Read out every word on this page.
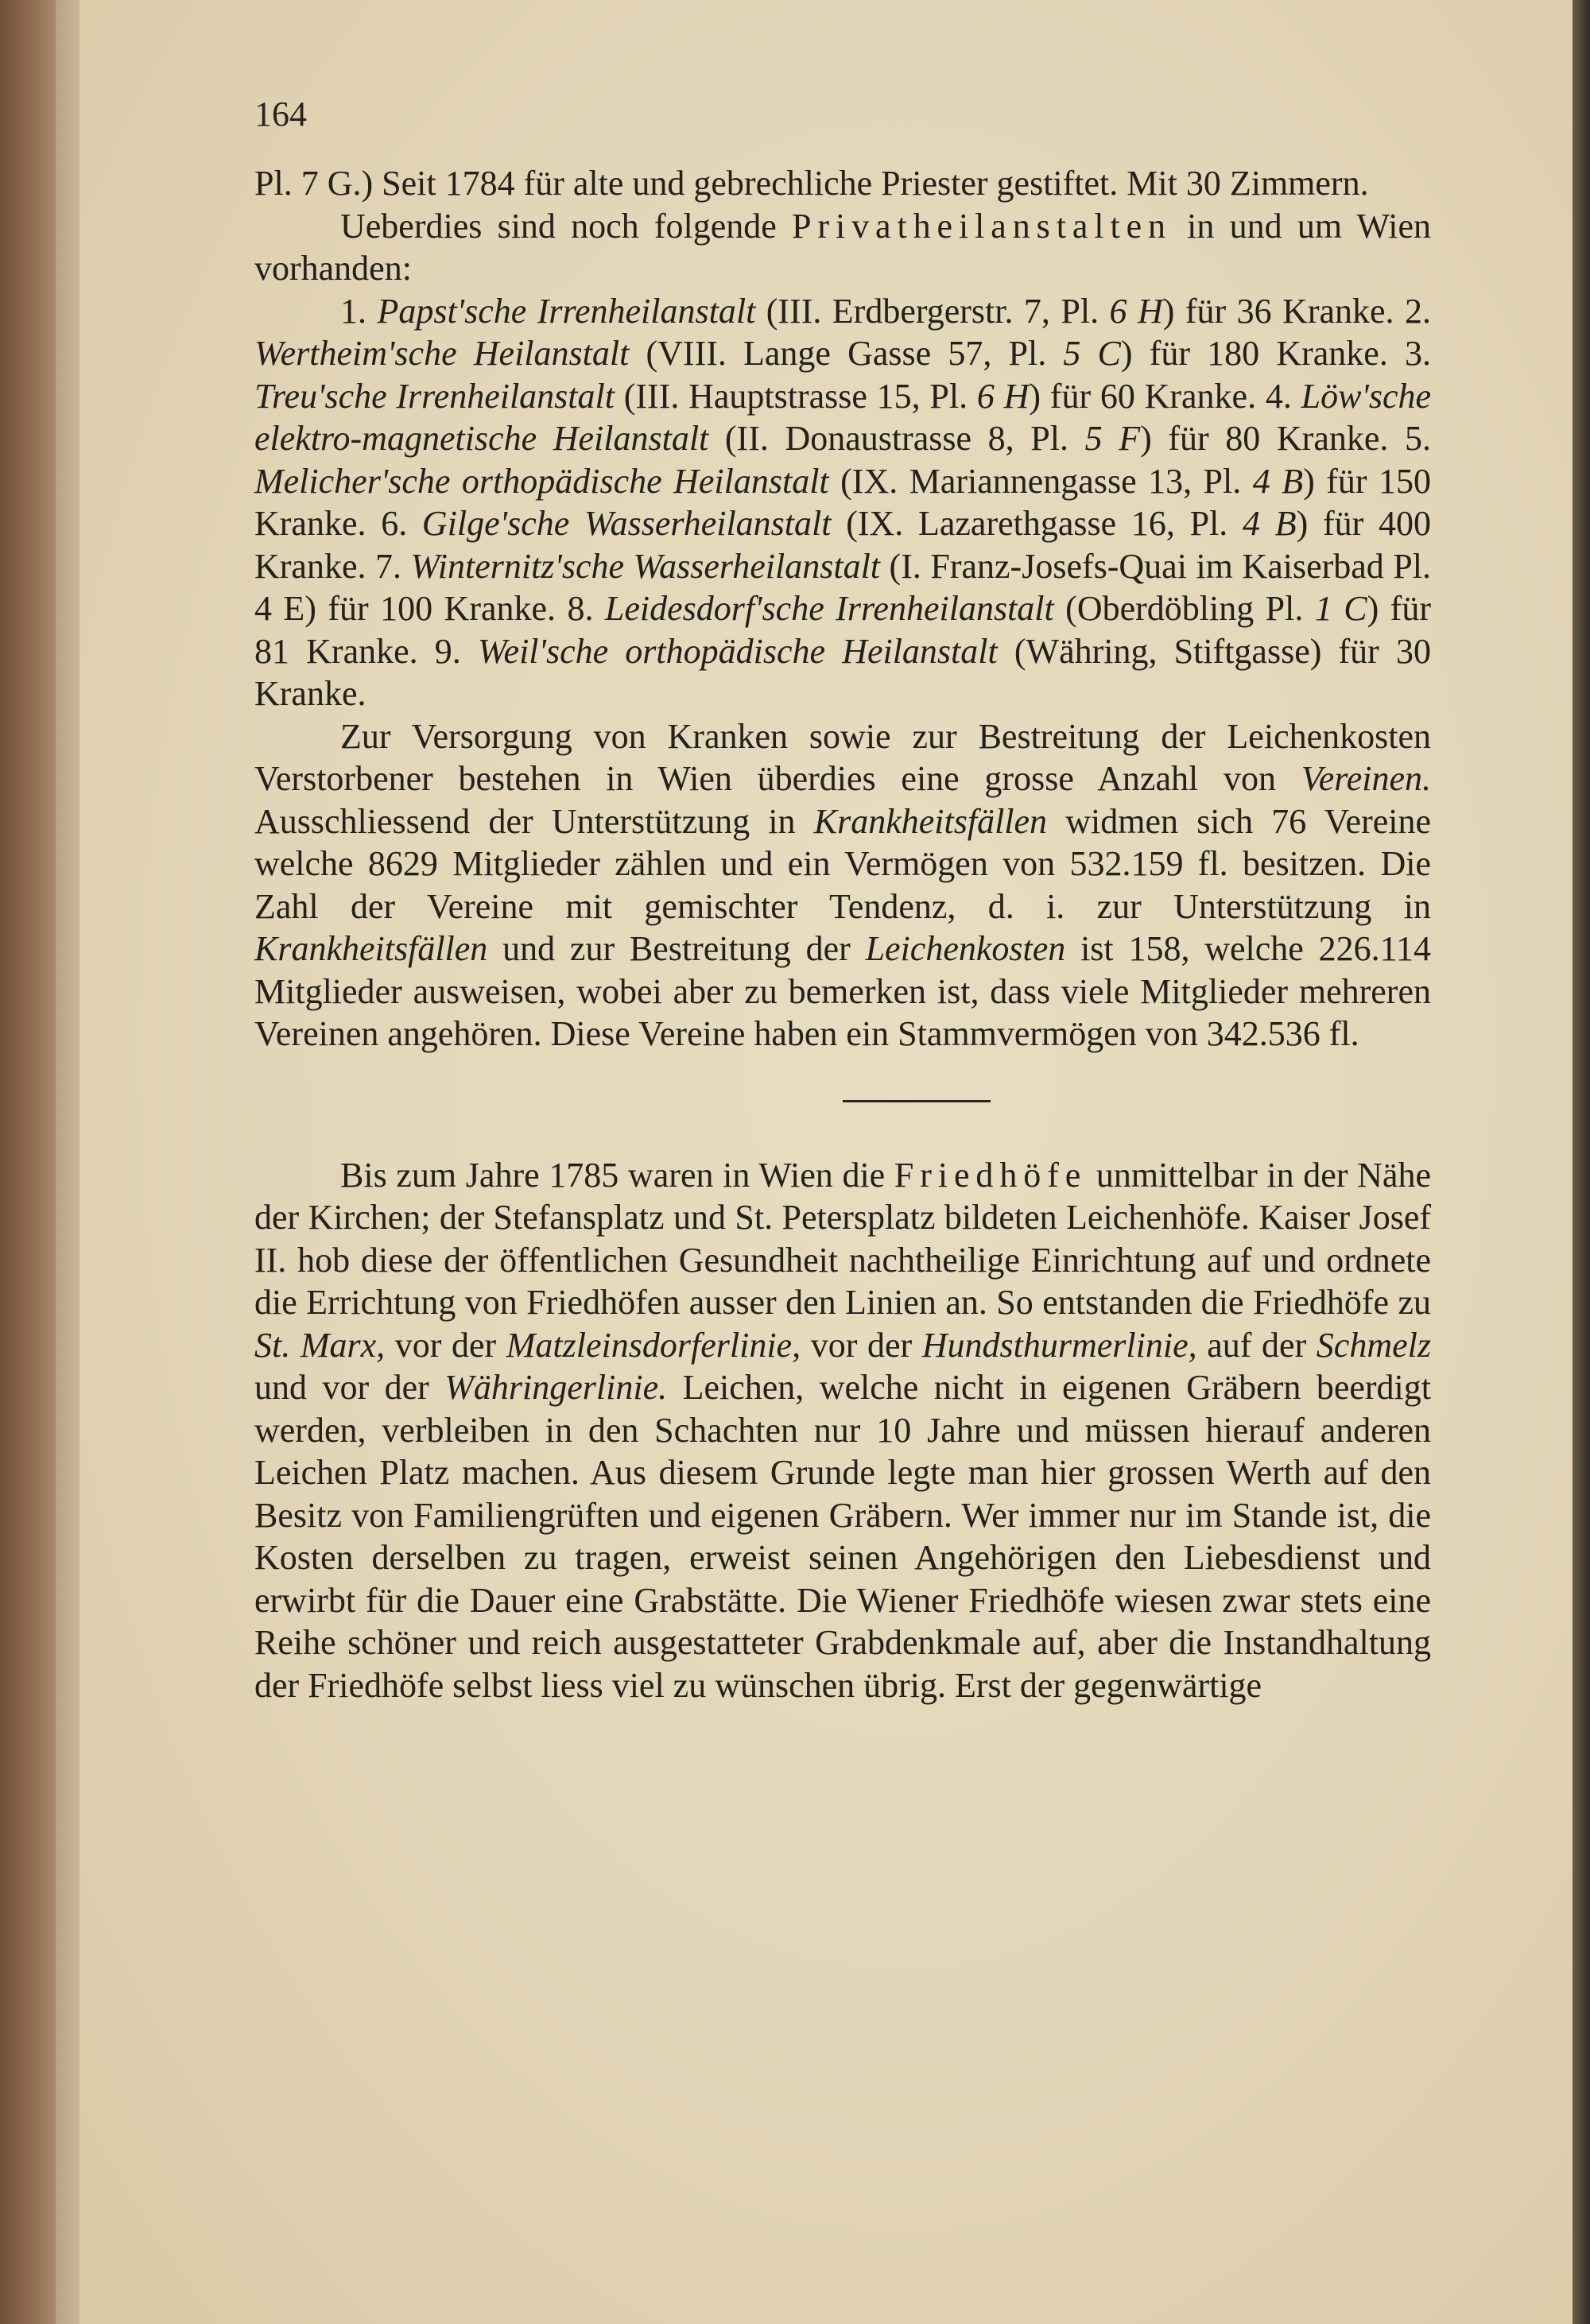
164

Pl. 7 G.) Seit 1784 für alte und gebrechliche Priester gestiftet. Mit 30 Zimmern.

Ueberdies sind noch folgende Privatheilanstalten in und um Wien vorhanden:

1. Papst'sche Irrenheilanstalt (III. Erdbergerstr. 7, Pl. 6 H) für 36 Kranke. 2. Wertheim'sche Heilanstalt (VIII. Lange Gasse 57, Pl. 5 C) für 180 Kranke. 3. Treu'sche Irrenheilanstalt (III. Hauptstrasse 15, Pl. 6 H) für 60 Kranke. 4. Löw'sche elektro-magnetische Heilanstalt (II. Donaustrasse 8, Pl. 5 F) für 80 Kranke. 5. Melicher'sche orthopädische Heilanstalt (IX. Mariannengasse 13, Pl. 4 B) für 150 Kranke. 6. Gilge'sche Wasserheilanstalt (IX. Lazarethgasse 16, Pl. 4 B) für 400 Kranke. 7. Winternitz'sche Wasserheilanstalt (I. Franz-Josefs-Quai im Kaiserbad Pl. 4 E) für 100 Kranke. 8. Leidesdorf'sche Irrenheilanstalt (Oberdöbling Pl. 1 C) für 81 Kranke. 9. Weil'sche orthopädische Heilanstalt (Währing, Stiftgasse) für 30 Kranke.

Zur Versorgung von Kranken sowie zur Bestreitung der Leichenkosten Verstorbener bestehen in Wien überdies eine grosse Anzahl von Vereinen. Ausschliessend der Unterstützung in Krankheitsfällen widmen sich 76 Vereine welche 8629 Mitglieder zählen und ein Vermögen von 532.159 fl. besitzen. Die Zahl der Vereine mit gemischter Tendenz, d. i. zur Unterstützung in Krankheitsfällen und zur Bestreitung der Leichenkosten ist 158, welche 226.114 Mitglieder ausweisen, wobei aber zu bemerken ist, dass viele Mitglieder mehreren Vereinen angehören. Diese Vereine haben ein Stammvermögen von 342.536 fl.

Bis zum Jahre 1785 waren in Wien die Friedhöfe unmittelbar in der Nähe der Kirchen; der Stefansplatz und St. Petersplatz bildeten Leichenhöfe. Kaiser Josef II. hob diese der öffentlichen Gesundheit nachtheilige Einrichtung auf und ordnete die Errichtung von Friedhöfen ausser den Linien an. So entstanden die Friedhöfe zu St. Marx, vor der Matzleinsdorferlinie, vor der Hundsthurmerlinie, auf der Schmelz und vor der Währingerlinie. Leichen, welche nicht in eigenen Gräbern beerdigt werden, verbleiben in den Schachten nur 10 Jahre und müssen hierauf anderen Leichen Platz machen. Aus diesem Grunde legte man hier grossen Werth auf den Besitz von Familiengrüften und eigenen Gräbern. Wer immer nur im Stande ist, die Kosten derselben zu tragen, erweist seinen Angehörigen den Liebesdienst und erwirbt für die Dauer eine Grabstätte. Die Wiener Friedhöfe wiesen zwar stets eine Reihe schöner und reich ausgestatteter Grabdenkmale auf, aber die Instandhaltung der Friedhöfe selbst liess viel zu wünschen übrig. Erst der gegenwärtige
